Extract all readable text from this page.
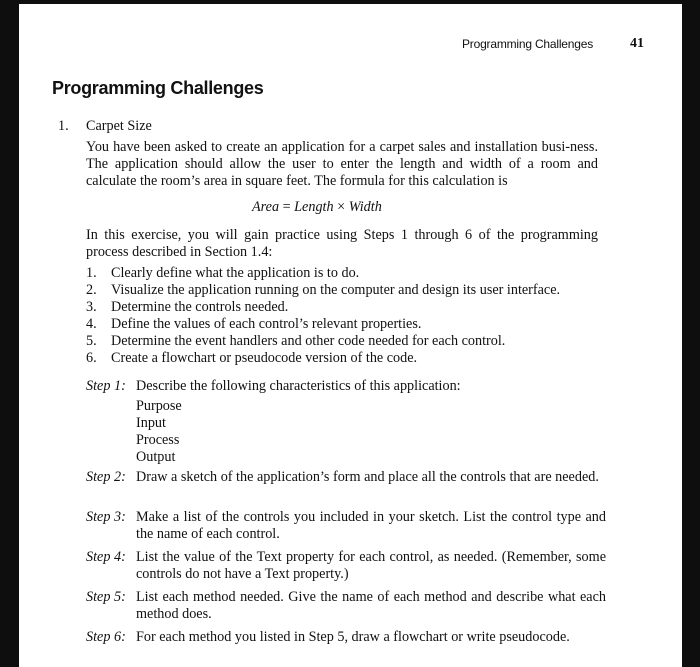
Programming Challenges	41
Programming Challenges
1. Carpet Size
You have been asked to create an application for a carpet sales and installation busi-ness. The application should allow the user to enter the length and width of a room and calculate the room’s area in square feet. The formula for this calculation is
Area = Length × Width
In this exercise, you will gain practice using Steps 1 through 6 of the programming process described in Section 1.4:
1. Clearly define what the application is to do.
2. Visualize the application running on the computer and design its user interface.
3. Determine the controls needed.
4. Define the values of each control’s relevant properties.
5. Determine the event handlers and other code needed for each control.
6. Create a flowchart or pseudocode version of the code.
Step 1: Describe the following characteristics of this application:
Purpose
Input
Process
Output
Step 2: Draw a sketch of the application’s form and place all the controls that are needed.
Step 3: Make a list of the controls you included in your sketch. List the control type and the name of each control.
Step 4: List the value of the Text property for each control, as needed. (Remember, some controls do not have a Text property.)
Step 5: List each method needed. Give the name of each method and describe what each method does.
Step 6: For each method you listed in Step 5, draw a flowchart or write pseudocode.
